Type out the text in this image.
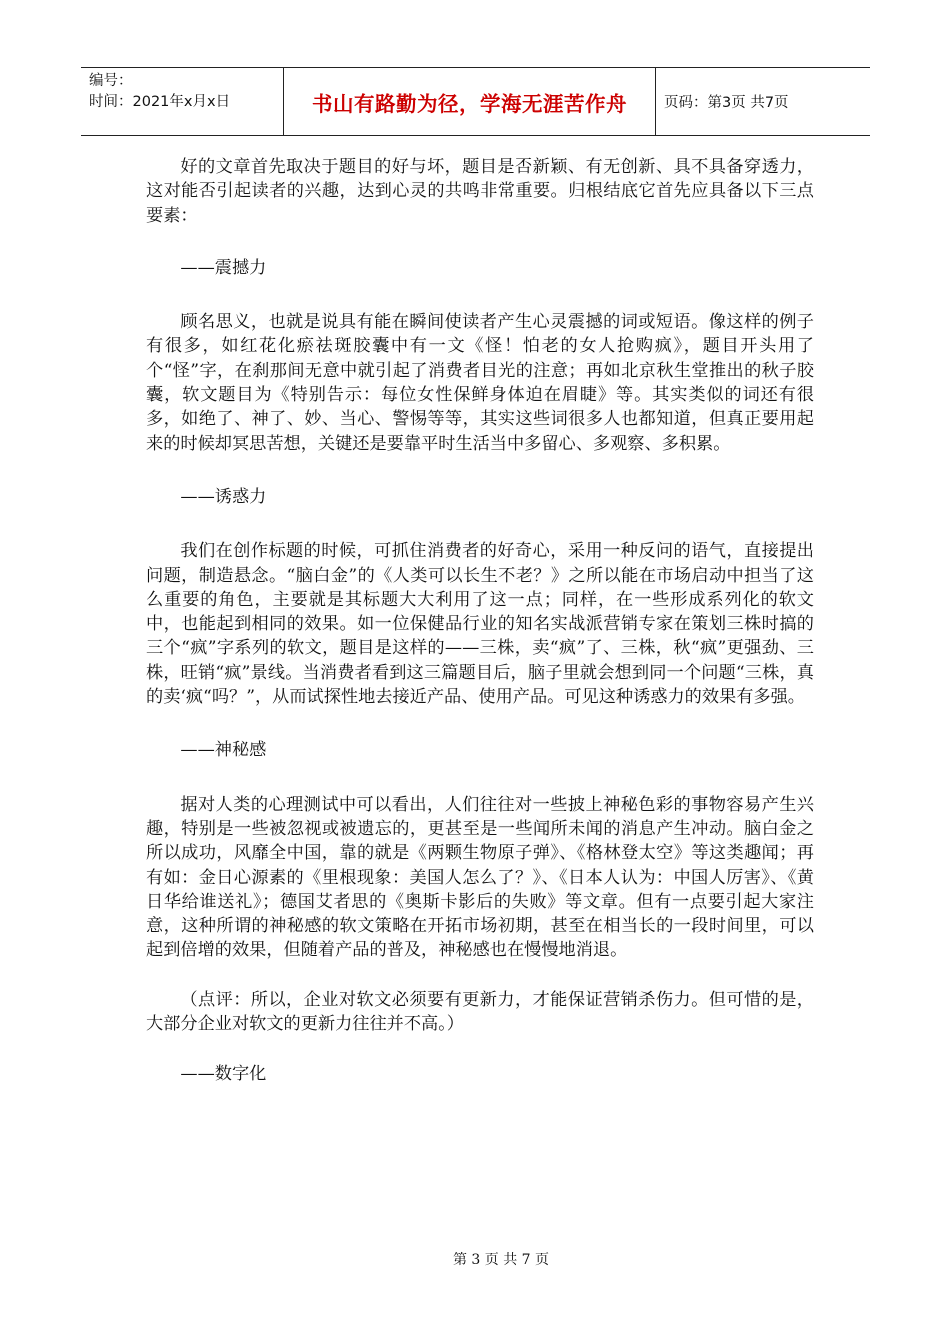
编号：
时间：2021年x月x日	书山有路勤为径，学海无涯苦作舟	页码：第3页 共7页

好的文章首先取决于题目的好与坏，题目是否新颖、有无创新、具不具备穿透力，这对能否引起读者的兴趣，达到心灵的共鸣非常重要。归根结底它首先应具备以下三点要素：

——震撼力

顾名思义，也就是说具有能在瞬间使读者产生心灵震撼的词或短语。像这样的例子有很多，如红花化瘀祛斑胶囊中有一文《怪！怕老的女人抢购疯》，题目开头用了个“怪”字，在刹那间无意中就引起了消费者目光的注意；再如北京秋生堂推出的秋子胶囊，软文题目为《特别告示：每位女性保鲜身体迫在眉睫》等。其实类似的词还有很多，如绝了、神了、妙、当心、警惕等等，其实这些词很多人也都知道，但真正要用起来的时候却冥思苦想，关键还是要靠平时生活当中多留心、多观察、多积累。

——诱惑力

我们在创作标题的时候，可抓住消费者的好奇心，采用一种反问的语气，直接提出问题，制造悬念。“脑白金”的《人类可以长生不老？》之所以能在市场启动中担当了这么重要的角色，主要就是其标题大大利用了这一点；同样，在一些形成系列化的软文中，也能起到相同的效果。如一位保健品行业的知名实战派营销专家在策划三株时搞的三个“疯”字系列的软文，题目是这样的——三株，卖“疯”了、三株，秋“疯”更强劲、三株，旺销“疯”景线。当消费者看到这三篇题目后，脑子里就会想到同一个问题“三株，真的卖‘疯“吗？”，从而试探性地去接近产品、使用产品。可见这种诱惑力的效果有多强。

——神秘感

据对人类的心理测试中可以看出，人们往往对一些披上神秘色彩的事物容易产生兴趣，特别是一些被忽视或被遗忘的，更甚至是一些闻所未闻的消息产生冲动。脑白金之所以成功，风靡全中国，靠的就是《两颗生物原子弹》、《格林登太空》等这类趣闻；再有如：金日心源素的《里根现象：美国人怎么了？》、《日本人认为：中国人厉害》、《黄日华给谁送礼》；德国艾者思的《奥斯卡影后的失败》等文章。但有一点要引起大家注意，这种所谓的神秘感的软文策略在开拓市场初期，甚至在相当长的一段时间里，可以起到倍增的效果，但随着产品的普及，神秘感也在慢慢地消退。

（点评：所以，企业对软文必须要有更新力，才能保证营销杀伤力。但可惜的是，大部分企业对软文的更新力往往并不高。）

——数字化

第 3 页 共 7 页
